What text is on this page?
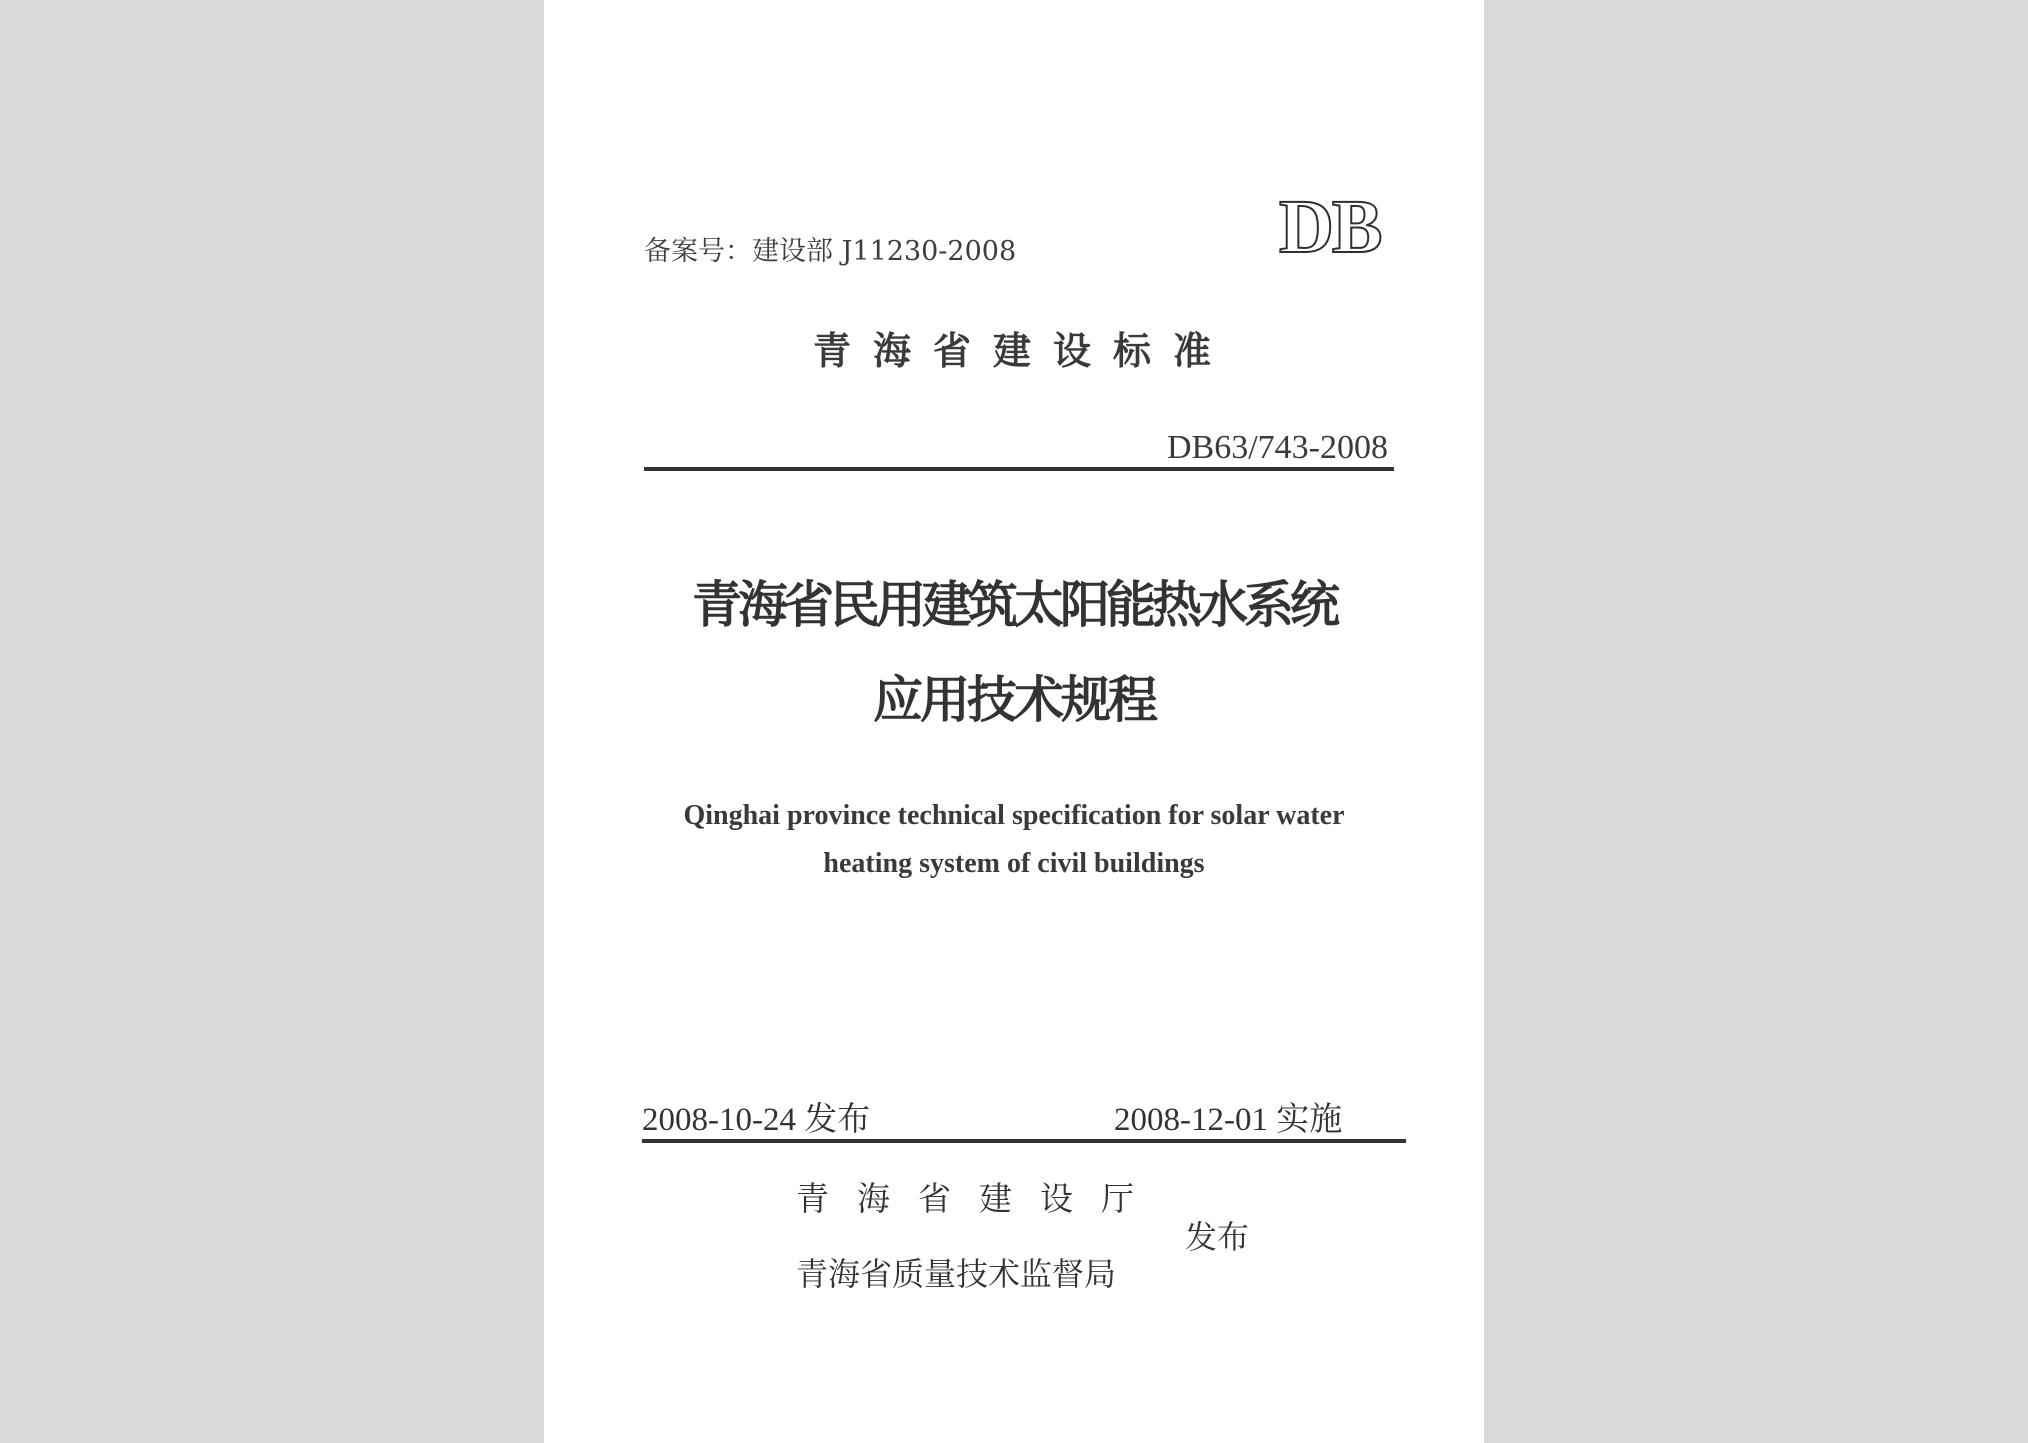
备案号：建设部 J11230-2008	DB
青海省建设标准
DB63/743-2008
青海省民用建筑太阳能热水系统
应用技术规程
Qinghai province technical specification for solar water
heating system of civil buildings
2008-10-24 发布	2008-12-01 实施
青海省建设厅
青海省质量技术监督局
发布
